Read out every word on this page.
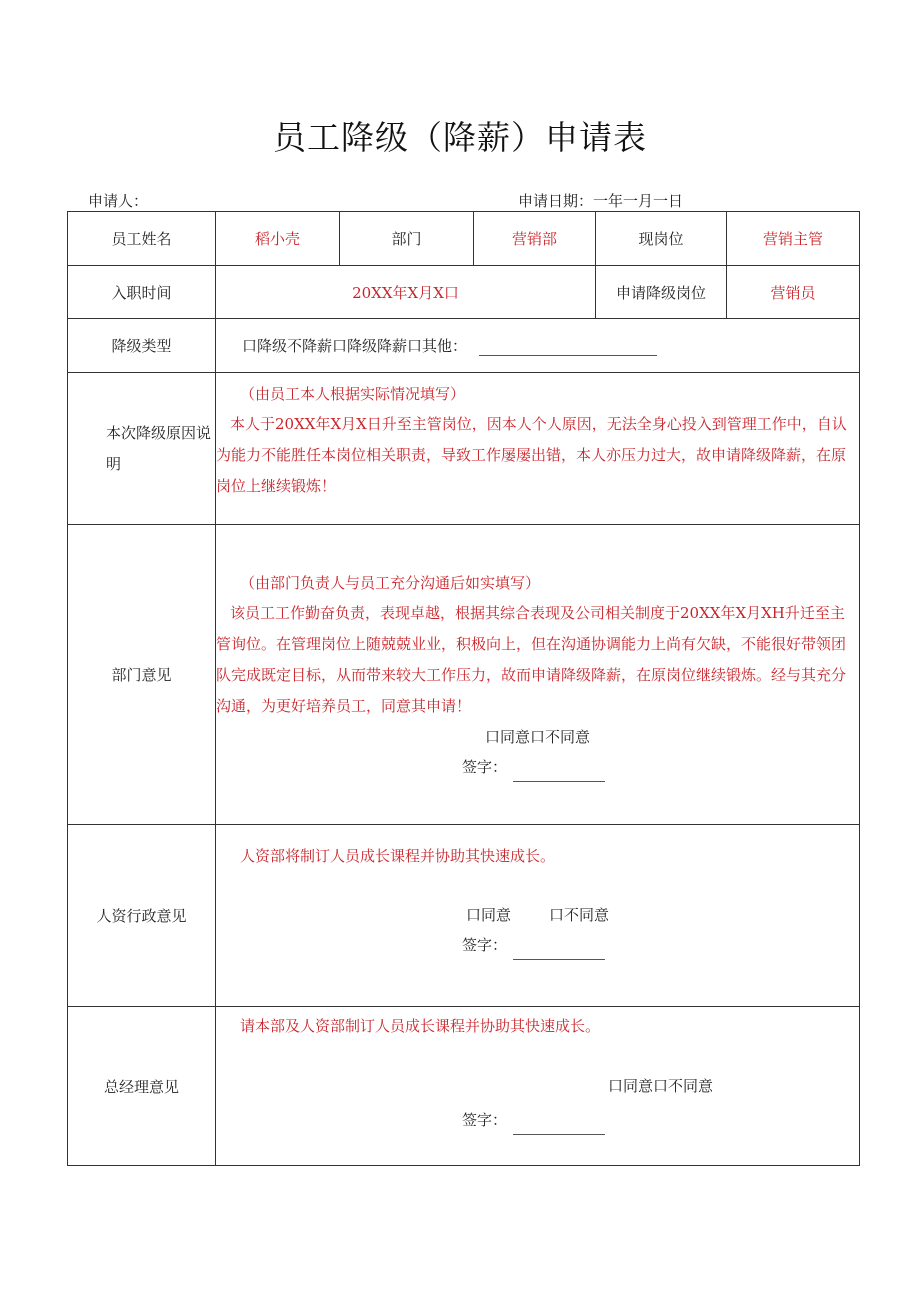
员工降级（降薪）申请表
申请人：	申请日期：一年一月一日
员工姓名	稻小壳	部门	营销部	现岗位	营销主管
入职时间	20XX年X月X口			申请降级岗位	营销员
降级类型	口降级不降薪口降级降薪口其他：				
本次降级原因说明	（由员工本人根据实际情况填写）
本人于20XX年X月X日升至主管岗位，因本人个人原因，无法全身心投入到管理工作中，自认为能力不能胜任本岗位相关职责，导致工作屡屡出错，本人亦压力过大，故申请降级降薪，在原岗位上继续锻炼！				

部门意见	（由部门负责人与员工充分沟通后如实填写）
该员工工作勤奋负责，表现卓越，根据其综合表现及公司相关制度于20XX年X月XH升迁至主管询位。在管理岗位上随兢兢业业，积极向上，但在沟通协调能力上尚有欠缺，不能很好带领团队完成既定目标，从而带来较大工作压力，故而申请降级降薪，在原岗位继续锻炼。经与其充分沟通，为更好培养员工，同意其申请！
口同意口不同意
签字：				

人资行政意见	人资部将制订人员成长课程并协助其快速成长。
口同意 口不同意
签字：				

总经理意见	请本部及人资部制订人员成长课程并协助其快速成长。
口同意口不同意
签字：				
